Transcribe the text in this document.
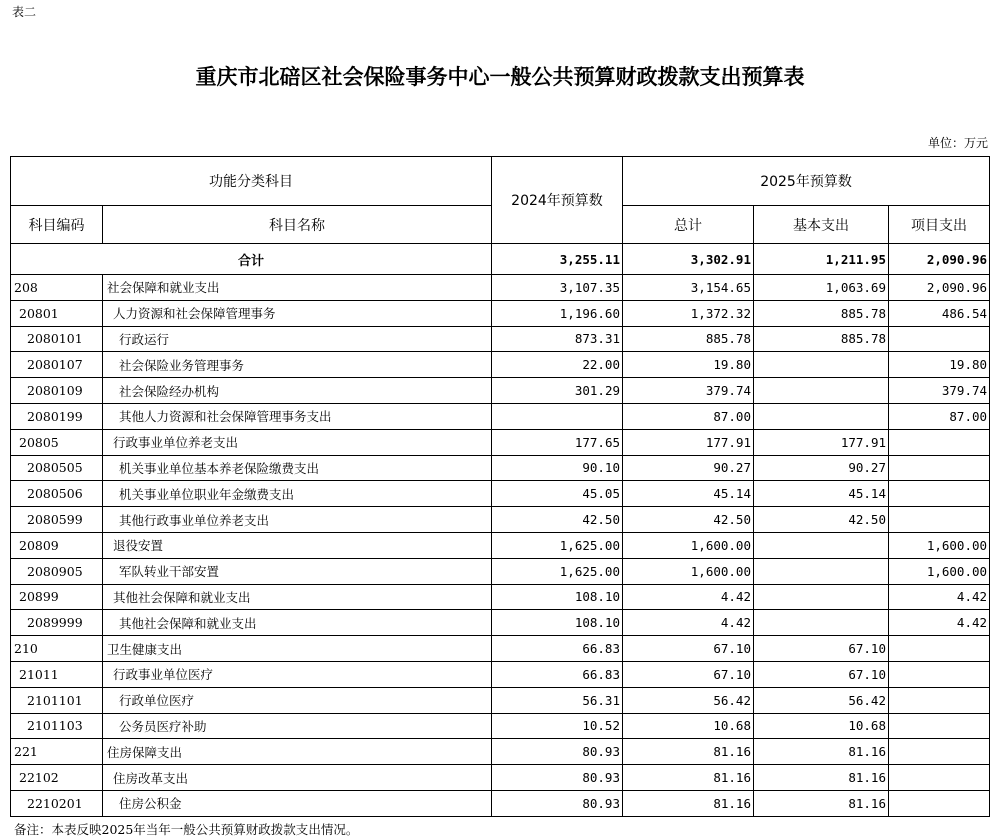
表二
重庆市北碚区社会保险事务中心一般公共预算财政拨款支出预算表
单位：万元
功能分类科目		2024年预算数	2025年预算数		
科目编码	科目名称		总计	基本支出	项目支出
合计		3,255.11	3,302.91	1,211.95	2,090.96
208	社会保障和就业支出	3,107.35	3,154.65	1,063.69	2,090.96
20801	人力资源和社会保障管理事务	1,196.60	1,372.32	885.78	486.54
2080101	行政运行	873.31	885.78	885.78	
2080107	社会保险业务管理事务	22.00	19.80		19.80
2080109	社会保险经办机构	301.29	379.74		379.74
2080199	其他人力资源和社会保障管理事务支出		87.00		87.00
20805	行政事业单位养老支出	177.65	177.91	177.91	
2080505	机关事业单位基本养老保险缴费支出	90.10	90.27	90.27	
2080506	机关事业单位职业年金缴费支出	45.05	45.14	45.14	
2080599	其他行政事业单位养老支出	42.50	42.50	42.50	
20809	退役安置	1,625.00	1,600.00		1,600.00
2080905	军队转业干部安置	1,625.00	1,600.00		1,600.00
20899	其他社会保障和就业支出	108.10	4.42		4.42
2089999	其他社会保障和就业支出	108.10	4.42		4.42
210	卫生健康支出	66.83	67.10	67.10	
21011	行政事业单位医疗	66.83	67.10	67.10	
2101101	行政单位医疗	56.31	56.42	56.42	
2101103	公务员医疗补助	10.52	10.68	10.68	
221	住房保障支出	80.93	81.16	81.16	
22102	住房改革支出	80.93	81.16	81.16	
2210201	住房公积金	80.93	81.16	81.16	
备注：本表反映2025年当年一般公共预算财政拨款支出情况。
